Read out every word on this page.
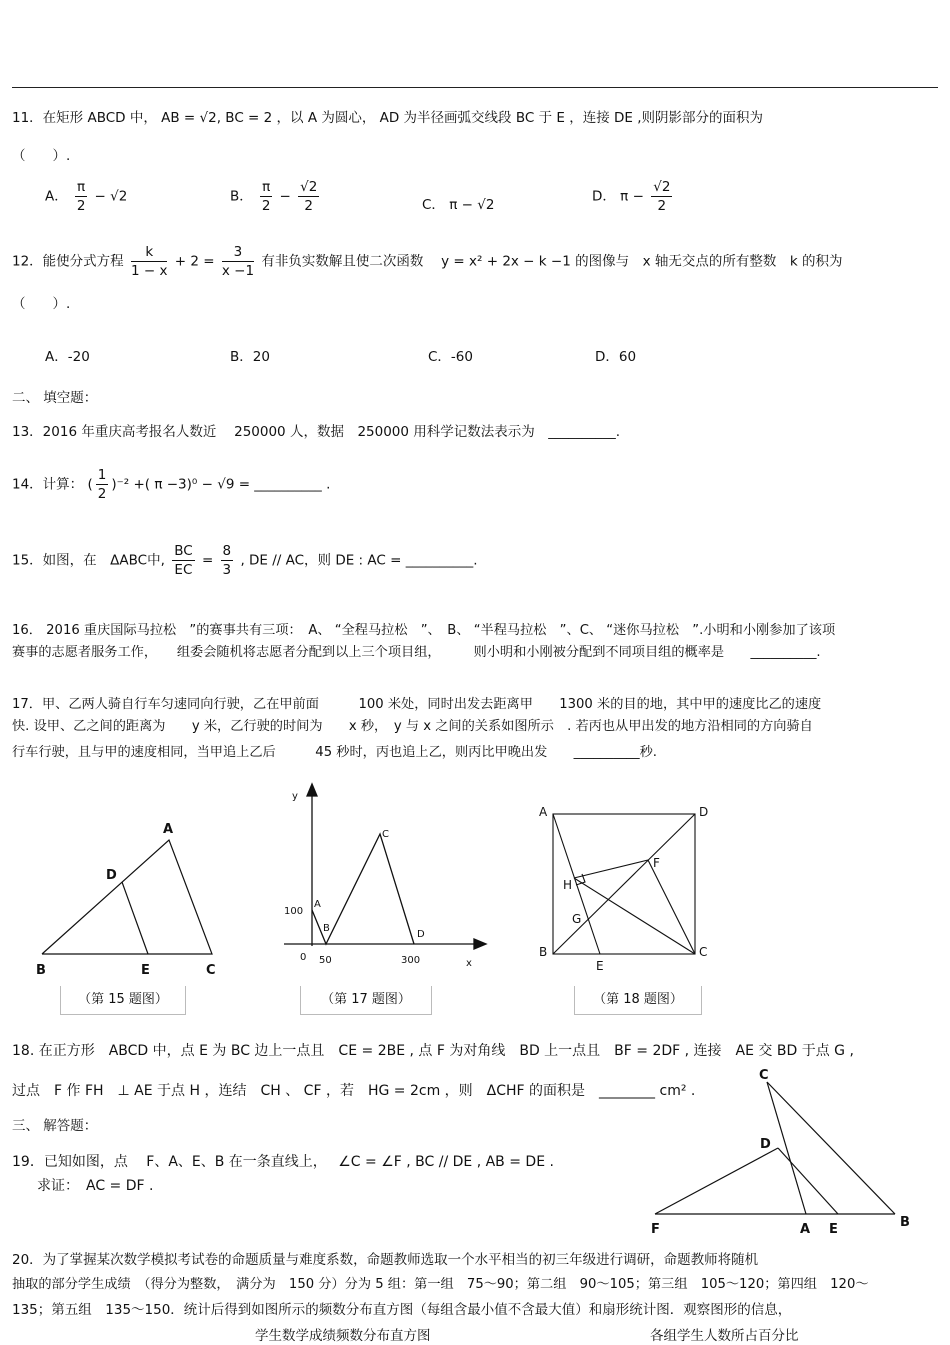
11．在矩形 ABCD 中， AB = √2, BC = 2 ，以 A 为圆心， AD 为半径画弧交线段 BC 于 E ，连接 DE ,则阴影部分的面积为
（　　）.
A． $\frac{\pi}{2} - √2$	B． $\frac{\pi}{2} - \frac{√2}{2}$	C． π − √2
D． $\pi - \frac{√2}{2}$
12．能使分式方程 $\frac{k}{1 - x} + 2 = \frac{3}{x -1}$ 有非负实数解且使二次函数　 y = x² + 2x − k −1 的图像与　x 轴无交点的所有整数　k 的积为
（　　）.
A．-20	B．20	C．-60	D．60
二、 填空题：
13．2016 年重庆高考报名人数近　 250000 人，数据　250000 用科学记数法表示为　__________.
14．计算： ( $\frac{1}{2} )^{-2}$ +( π −3)⁰ − √9 = __________ .
15．如图，在　ΔABC中, $\frac{BC}{EC} = \frac{8}{3}$ , DE // AC，则 DE : AC = __________.
16． 2016 重庆国际马拉松　”的赛事共有三项：　A、 “全程马拉松　”、　B、 “半程马拉松　”、C、 “迷你马拉松　”.小明和小刚参加了该项
赛事的志愿者服务工作，　　组委会随机将志愿者分配到以上三个项目组，　　　则小明和小刚被分配到不同项目组的概率是　　__________.
17．甲、乙两人骑自行车匀速同向行驶，乙在甲前面　　　100 米处，同时出发去距离甲　　1300 米的目的地，其中甲的速度比乙的速度
快. 设甲、乙之间的距离为　　y 米，乙行驶的时间为　　x 秒，　y 与 x 之间的关系如图所示　. 若丙也从甲出发的地方沿相同的方向骑自
行车行驶，且与甲的速度相同，当甲追上乙后　　　45 秒时，丙也追上乙，则丙比甲晚出发　　__________秒.
A
D
B	E	C
（第 15 题图）
y
x
0
100
50	300
A
B
C
D
（第 17 题图）
A	D
B	C
F
H
G
E
（第 18 题图）
18. 在正方形　ABCD 中，点 E 为 BC 边上一点且　CE = 2BE , 点 F 为对角线　BD 上一点且　BF = 2DF , 连接　AE 交 BD 于点 G ,
过点　F 作 FH　⊥ AE 于点 H ，连结　CH 、 CF ，若　HG = 2cm ，则　ΔCHF 的面积是　________ cm² .
三、 解答题：
19．已知如图，点　 F、A、E、B 在一条直线上，　 ∠C = ∠F , BC // DE , AB = DE .
求证：　AC = DF .
C
D
F	A E	B
20．为了掌握某次数学模拟考试卷的命题质量与难度系数，命题教师选取一个水平相当的初三年级进行调研，命题教师将随机
抽取的部分学生成绩　（得分为整数，　满分为　150 分）分为 5 组：第一组　75～90；第二组　90～105；第三组　105～120；第四组　120～
135；第五组　135～150．统计后得到如图所示的频数分布直方图（每组含最小值不含最大值）和扇形统计图．观察图形的信息，
学生数学成绩频数分布直方图	各组学生人数所占百分比
